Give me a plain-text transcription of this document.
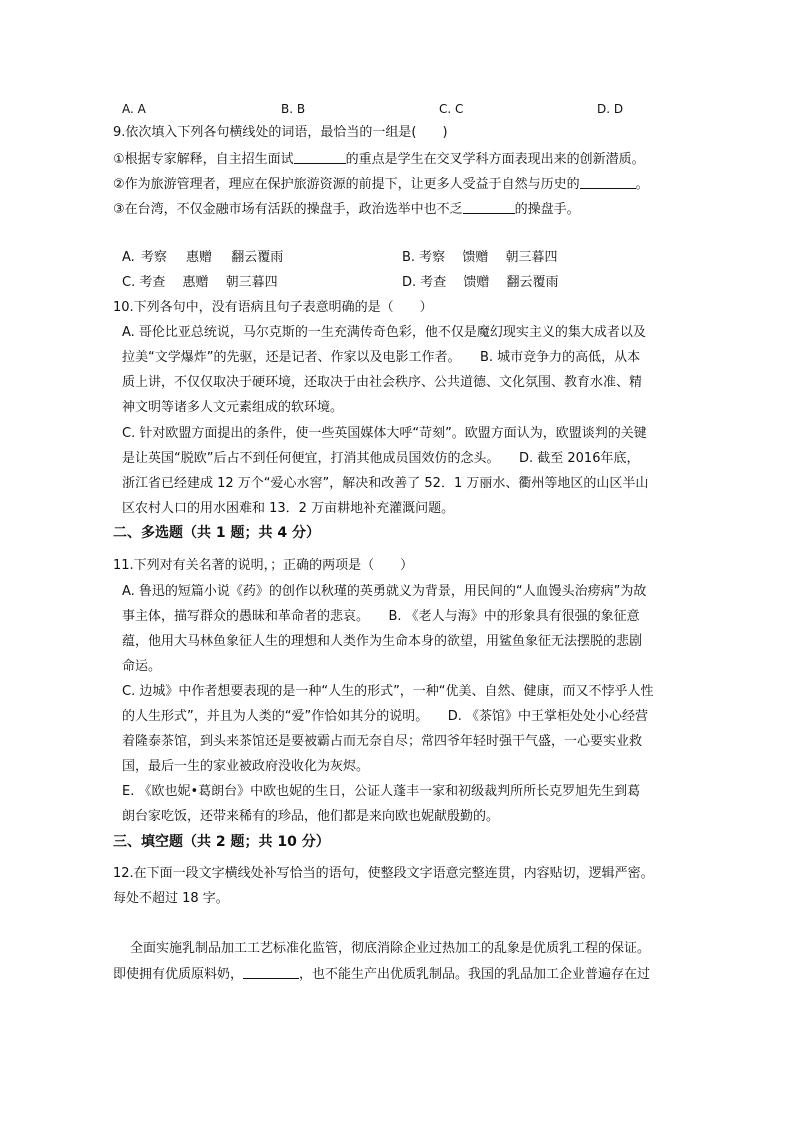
A. A	B. B	C. C	D. D
9.依次填入下列各句横线处的词语，最恰当的一组是(　　)
①根据专家解释，自主招生面试	的重点是学生在交叉学科方面表现出来的创新潜质。
②作为旅游管理者，理应在保护旅游资源的前提下，让更多人受益于自然与历史的	。
③在台湾，不仅金融市场有活跃的操盘手，政治选举中也不乏	的操盘手。
A. 考察　 惠赠　 翻云覆雨	B. 考察　 馈赠　 朝三暮四
C. 考查　 惠赠　 朝三暮四	D. 考查　 馈赠　 翻云覆雨
10.下列各句中，没有语病且句子表意明确的是（　　）
A. 哥伦比亚总统说，马尔克斯的一生充满传奇色彩，他不仅是魔幻现实主义的集大成者以及
拉美“文学爆炸”的先驱，还是记者、作家以及电影工作者。　　B. 城市竞争力的高低，从本
质上讲，不仅仅取决于硬环境，还取决于由社会秩序、公共道德、文化氛围、教育水准、精
神文明等诸多人文元素组成的软环境。
C. 针对欧盟方面提出的条件，使一些英国媒体大呼“苛刻”。欧盟方面认为，欧盟谈判的关键
是让英国“脱欧”后占不到任何便宜，打消其他成员国效仿的念头。　　D. 截至 2016年底，
浙江省已经建成 12 万个“爱心水窖”，解决和改善了 52．1 万丽水、衢州等地区的山区半山
区农村人口的用水困难和 13．2 万亩耕地补充灌溉问题。
二、多选题（共 1 题；共 4 分）
11.下列对有关名著的说明，；正确的两项是（　　）
A. 鲁迅的短篇小说《药》的创作以秋瑾的英勇就义为背景，用民间的“人血馒头治痨病”为故
事主体，描写群众的愚昧和革命者的悲哀。　　B. 《老人与海》中的形象具有很强的象征意
蕴，他用大马林鱼象征人生的理想和人类作为生命本身的欲望，用鲨鱼象征无法摆脱的悲剧
命运。
C. 边城》中作者想要表现的是一种“人生的形式”，一种“优美、自然、健康，而又不悖乎人性
的人生形式”，并且为人类的“爱”作恰如其分的说明。　　D. 《茶馆》中王掌柜处处小心经营
着隆泰茶馆，到头来茶馆还是要被霸占而无奈自尽；常四爷年轻时强干气盛，一心要实业救
国，最后一生的家业被政府没收化为灰烬。
E. 《欧也妮•葛朗台》中欧也妮的生日，公证人蓬丰一家和初级裁判所所长克罗旭先生到葛
朗台家吃饭，还带来稀有的珍品，他们都是来向欧也妮献殷勤的。
三、填空题（共 2 题；共 10 分）
12.在下面一段文字横线处补写恰当的语句，使整段文字语意完整连贯，内容贴切，逻辑严密。
每处不超过 18 字。
全面实施乳制品加工工艺标准化监管，彻底消除企业过热加工的乱象是优质乳工程的保证。
即使拥有优质原料奶，	，也不能生产出优质乳制品。我国的乳品加工企业普遍存在过
